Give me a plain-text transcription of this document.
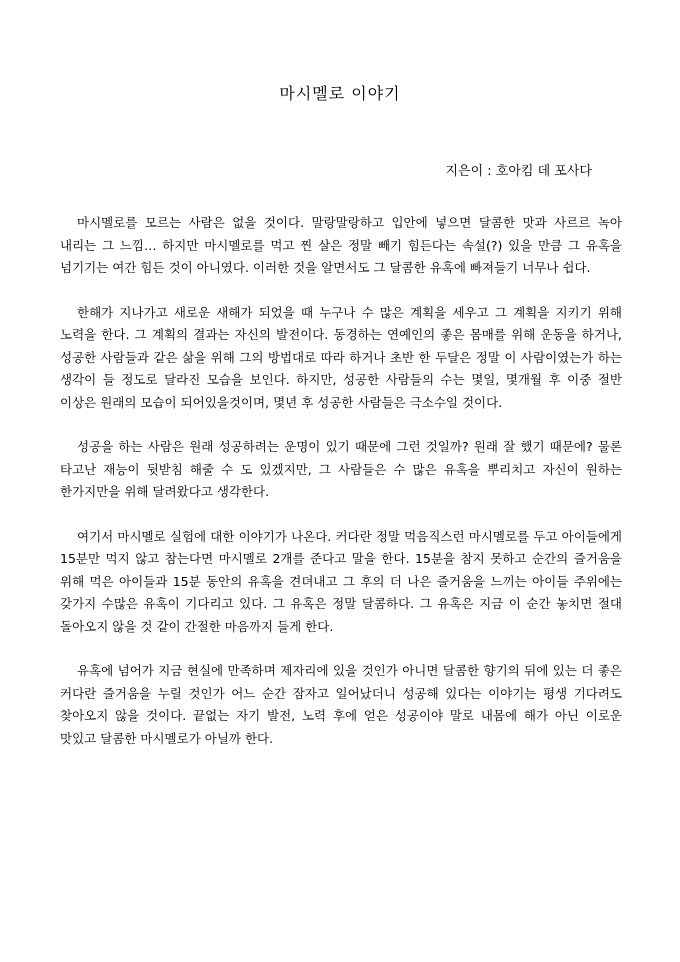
마시멜로 이야기
지은이 : 호아킴 데 포사다

마시멜로를 모르는 사람은 없을 것이다. 말랑말랑하고 입안에 넣으면 달콤한 맛과 사르르 녹아 내리는 그 느낌… 하지만 마시멜로를 먹고 찐 살은 정말 빼기 힘든다는 속설(?) 있을 만큼 그 유혹을 넘기기는 여간 힘든 것이 아니였다. 이러한 것을 알면서도 그 달콤한 유혹에 빠져들기 너무나 쉽다.

한해가 지나가고 새로운 새해가 되었을 때 누구나 수 많은 계획을 세우고 그 계획을 지키기 위해 노력을 한다. 그 계획의 결과는 자신의 발전이다. 동경하는 연예인의 좋은 몸매를 위해 운동을 하거나, 성공한 사람들과 같은 삶을 위해 그의 방법대로 따라 하거나 초반 한 두달은 정말 이 사람이였는가 하는 생각이 들 정도로 달라진 모습을 보인다. 하지만, 성공한 사람들의 수는 몇일, 몇개월 후 이중 절반 이상은 원래의 모습이 되어있을것이며, 몇년 후 성공한 사람들은 극소수일 것이다.

성공을 하는 사람은 원래 성공하려는 운명이 있기 때문에 그런 것일까? 원래 잘 했기 때문에? 물론 타고난 재능이 뒷받침 해줄 수 도 있겠지만, 그 사람들은 수 많은 유혹을 뿌리치고 자신이 원하는 한가지만을 위해 달려왔다고 생각한다.

여기서 마시멜로 실험에 대한 이야기가 나온다. 커다란 정말 먹음직스런 마시멜로를 두고 아이들에게 15분만 먹지 않고 참는다면 마시멜로 2개를 준다고 말을 한다. 15분을 참지 못하고 순간의 즐거움을 위해 먹은 아이들과 15분 동안의 유혹을 견뎌내고 그 후의 더 나은 즐거움을 느끼는 아이들 주위에는 갖가지 수많은 유혹이 기다리고 있다. 그 유혹은 정말 달콤하다. 그 유혹은 지금 이 순간 놓치면 절대 돌아오지 않을 것 같이 간절한 마음까지 들게 한다.

유혹에 넘어가 지금 현실에 만족하며 제자리에 있을 것인가 아니면 달콤한 향기의 뒤에 있는 더 좋은 커다란 즐거움을 누릴 것인가 어느 순간 잠자고 일어났더니 성공해 있다는 이야기는 평생 기다려도 찾아오지 않을 것이다. 끝없는 자기 발전, 노력 후에 얻은 성공이야 말로 내몸에 해가 아닌 이로운 맛있고 달콤한 마시멜로가 아닐까 한다.
